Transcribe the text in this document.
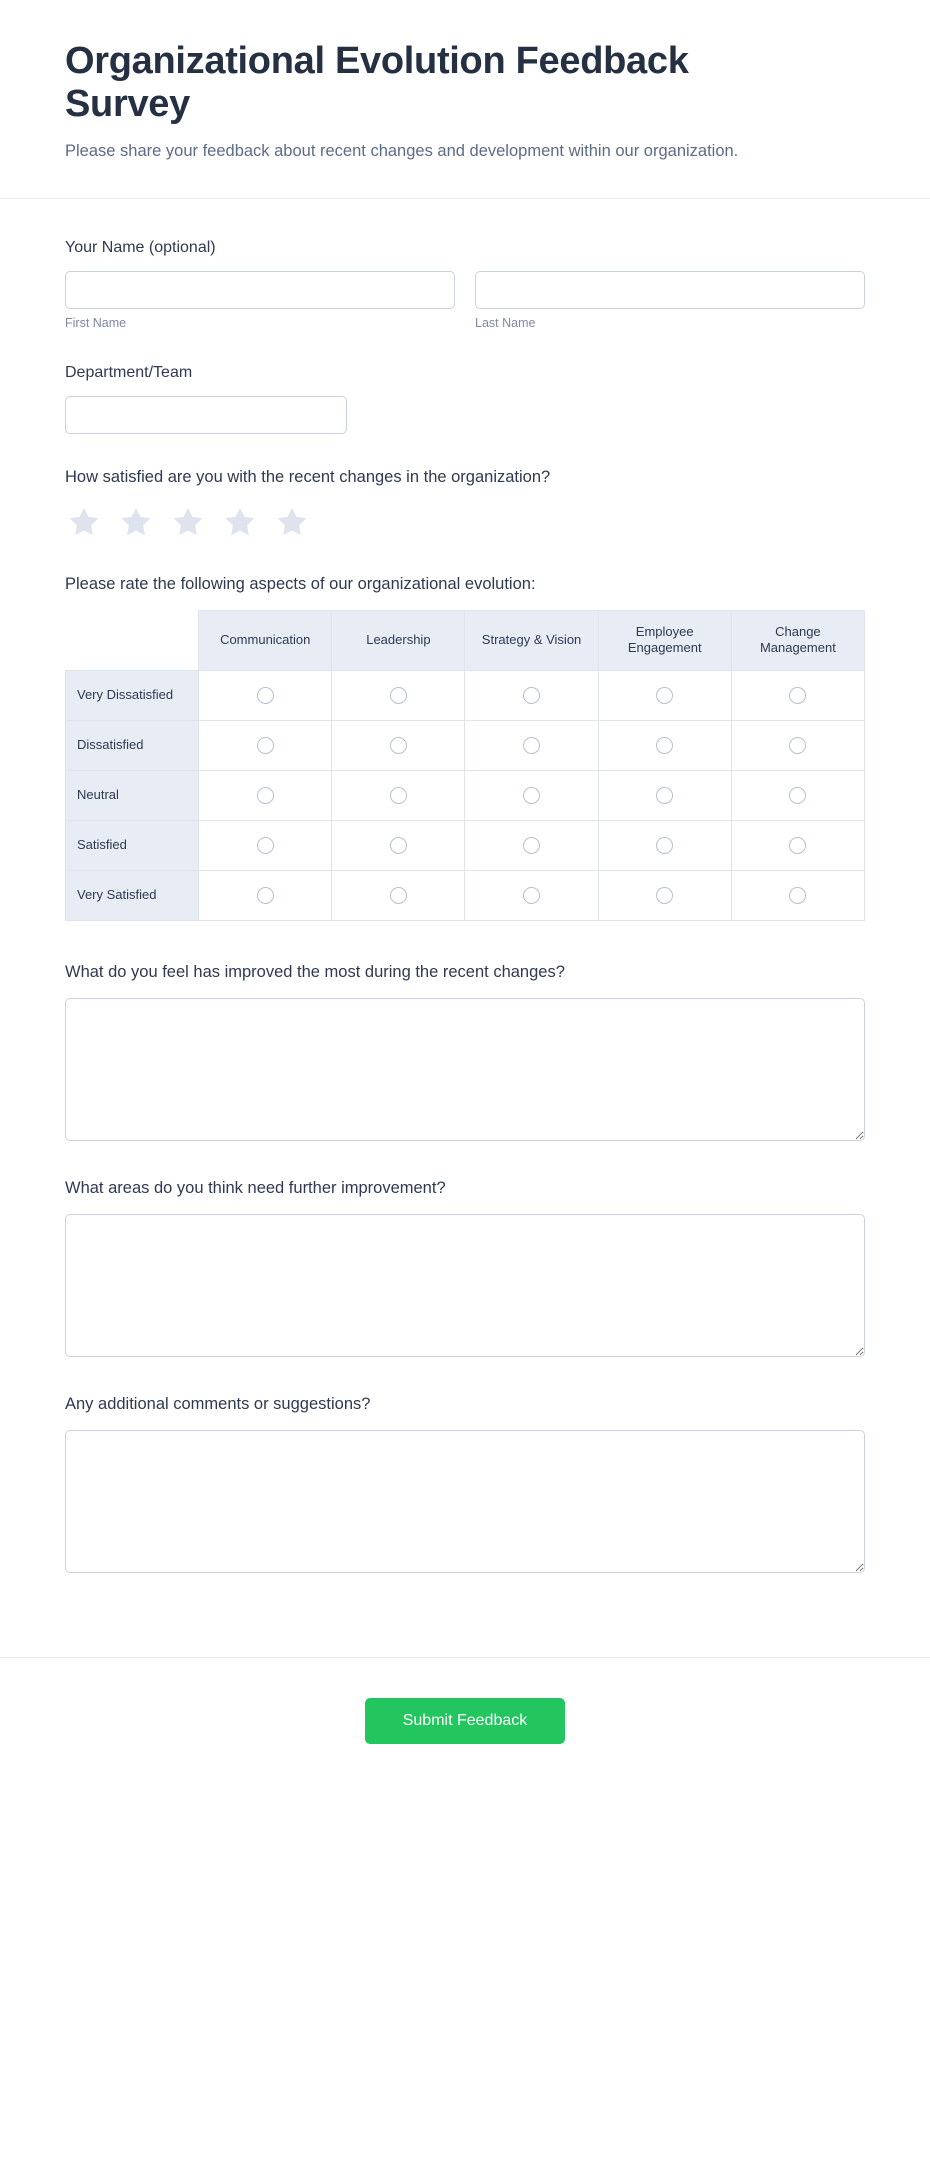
Organizational Evolution Feedback Survey

Please share your feedback about recent changes and development within our organization.

Your Name (optional)
First Name	Last Name
Department/Team
How satisfied are you with the recent changes in the organization?
Please rate the following aspects of our organizational evolution:
	Communication	Leadership	Strategy & Vision	Employee Engagement	Change Management
Very Dissatisfied					
Dissatisfied					
Neutral					
Satisfied					
Very Satisfied					
What do you feel has improved the most during the recent changes?
What areas do you think need further improvement?
Any additional comments or suggestions?
Submit Feedback
